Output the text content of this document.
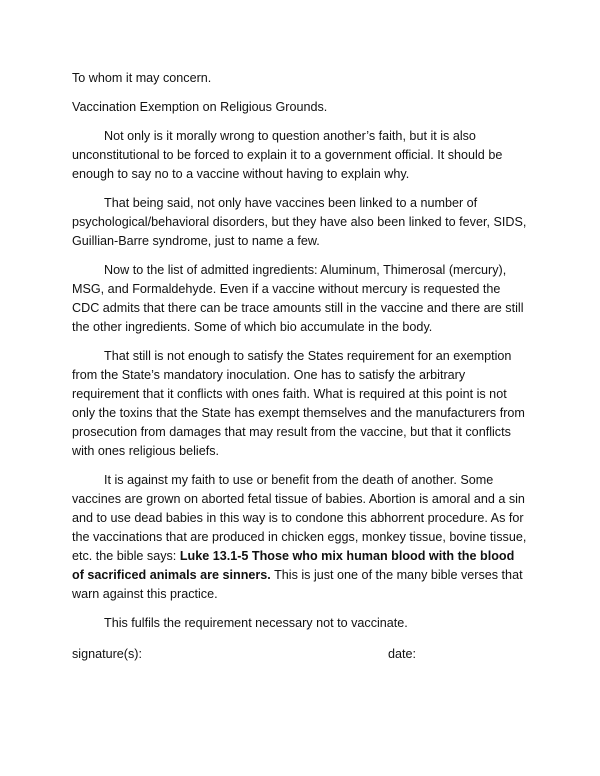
To whom it may concern.

Vaccination Exemption on Religious Grounds.

Not only is it morally wrong to question another’s faith, but it is also unconstitutional to be forced to explain it to a government official. It should be enough to say no to a vaccine without having to explain why.

That being said, not only have vaccines been linked to a number of psychological/behavioral disorders, but they have also been linked to fever, SIDS, Guillian-Barre syndrome, just to name a few.

Now to the list of admitted ingredients: Aluminum, Thimerosal (mercury), MSG, and Formaldehyde. Even if a vaccine without mercury is requested the CDC admits that there can be trace amounts still in the vaccine and there are still the other ingredients. Some of which bio accumulate in the body.

That still is not enough to satisfy the States requirement for an exemption from the State’s mandatory inoculation. One has to satisfy the arbitrary requirement that it conflicts with ones faith. What is required at this point is not only the toxins that the State has exempt themselves and the manufacturers from prosecution from damages that may result from the vaccine, but that it conflicts with ones religious beliefs.

It is against my faith to use or benefit from the death of another. Some vaccines are grown on aborted fetal tissue of babies. Abortion is amoral and a sin and to use dead babies in this way is to condone this abhorrent procedure. As for the vaccinations that are produced in chicken eggs, monkey tissue, bovine tissue, etc. the bible says: Luke 13.1-5 Those who mix human blood with the blood of sacrificed animals are sinners. This is just one of the many bible verses that warn against this practice.

This fulfils the requirement necessary not to vaccinate.

signature(s):	date:
